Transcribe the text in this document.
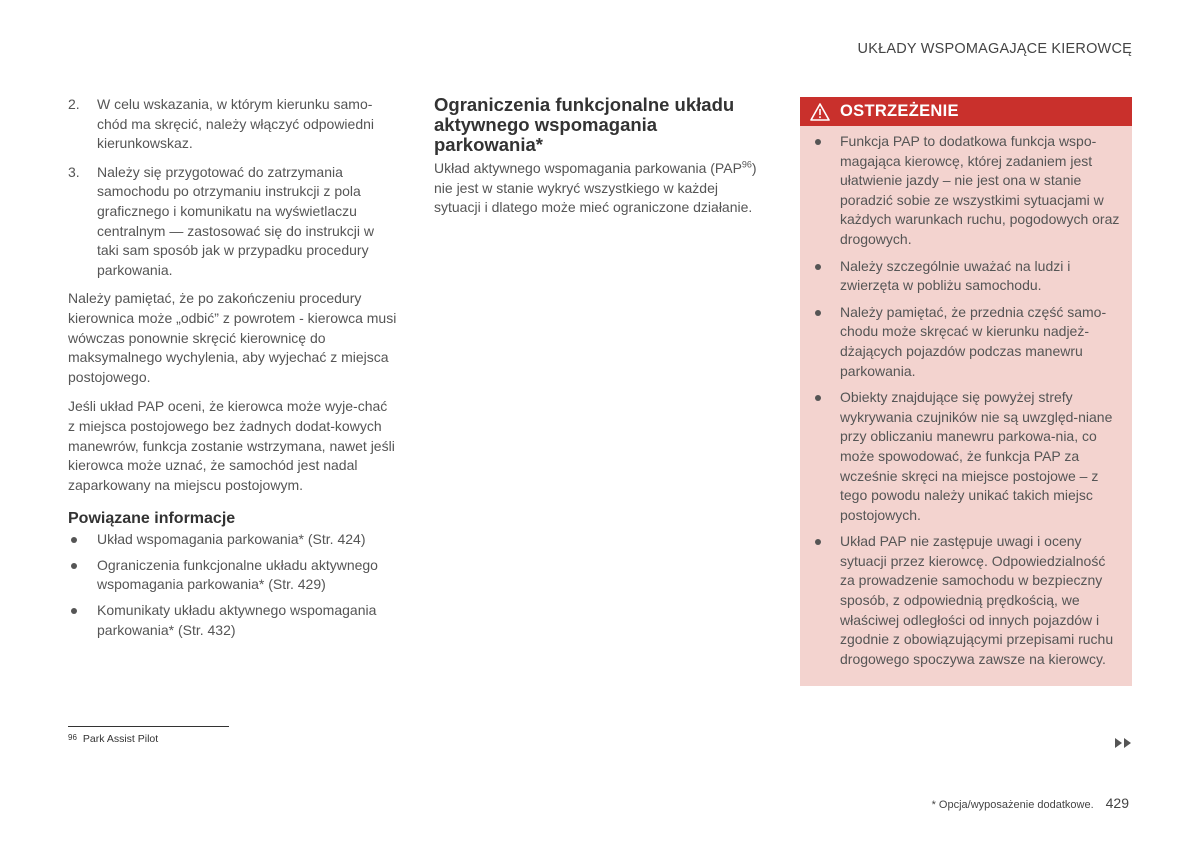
UKŁADY WSPOMAGAJĄCE KIEROWCĘ
2. W celu wskazania, w którym kierunku samo-chód ma skręcić, należy włączyć odpowiedni kierunkowskaz.
3. Należy się przygotować do zatrzymania samochodu po otrzymaniu instrukcji z pola graficznego i komunikatu na wyświetlaczu centralnym — zastosować się do instrukcji w taki sam sposób jak w przypadku procedury parkowania.

Należy pamiętać, że po zakończeniu procedury kierownica może „odbić” z powrotem - kierowca musi wówczas ponownie skręcić kierownicę do maksymalnego wychylenia, aby wyjechać z miejsca postojowego.

Jeśli układ PAP oceni, że kierowca może wyje-chać z miejsca postojowego bez żadnych dodat-kowych manewrów, funkcja zostanie wstrzymana, nawet jeśli kierowca może uznać, że samochód jest nadal zaparkowany na miejscu postojowym.

Powiązane informacje
Układ wspomagania parkowania* (Str. 424)
Ograniczenia funkcjonalne układu aktywnego wspomagania parkowania* (Str. 429)
Komunikaty układu aktywnego wspomagania parkowania* (Str. 432)
Ograniczenia funkcjonalne układu aktywnego wspomagania parkowania*

Układ aktywnego wspomagania parkowania (PAP$^{96}$) nie jest w stanie wykryć wszystkiego w każdej sytuacji i dlatego może mieć ograniczone działanie.

OSTRZEŻENIE
Funkcja PAP to dodatkowa funkcja wspo-magająca kierowcę, której zadaniem jest ułatwienie jazdy – nie jest ona w stanie poradzić sobie ze wszystkimi sytuacjami w każdych warunkach ruchu, pogodowych oraz drogowych.
Należy szczególnie uważać na ludzi i zwierzęta w pobliżu samochodu.
Należy pamiętać, że przednia część samo-chodu może skręcać w kierunku nadjeż-dżających pojazdów podczas manewru parkowania.
Obiekty znajdujące się powyżej strefy wykrywania czujników nie są uwzględ-niane przy obliczaniu manewru parkowa-nia, co może spowodować, że funkcja PAP za wcześnie skręci na miejsce postojowe – z tego powodu należy unikać takich miejsc postojowych.
Układ PAP nie zastępuje uwagi i oceny sytuacji przez kierowcę. Odpowiedzialność za prowadzenie samochodu w bezpieczny sposób, z odpowiednią prędkością, we właściwej odległości od innych pojazdów i zgodnie z obowiązującymi przepisami ruchu drogowego spoczywa zawsze na kierowcy.
96 Park Assist Pilot
* Opcja/wyposażenie dodatkowe. 429
